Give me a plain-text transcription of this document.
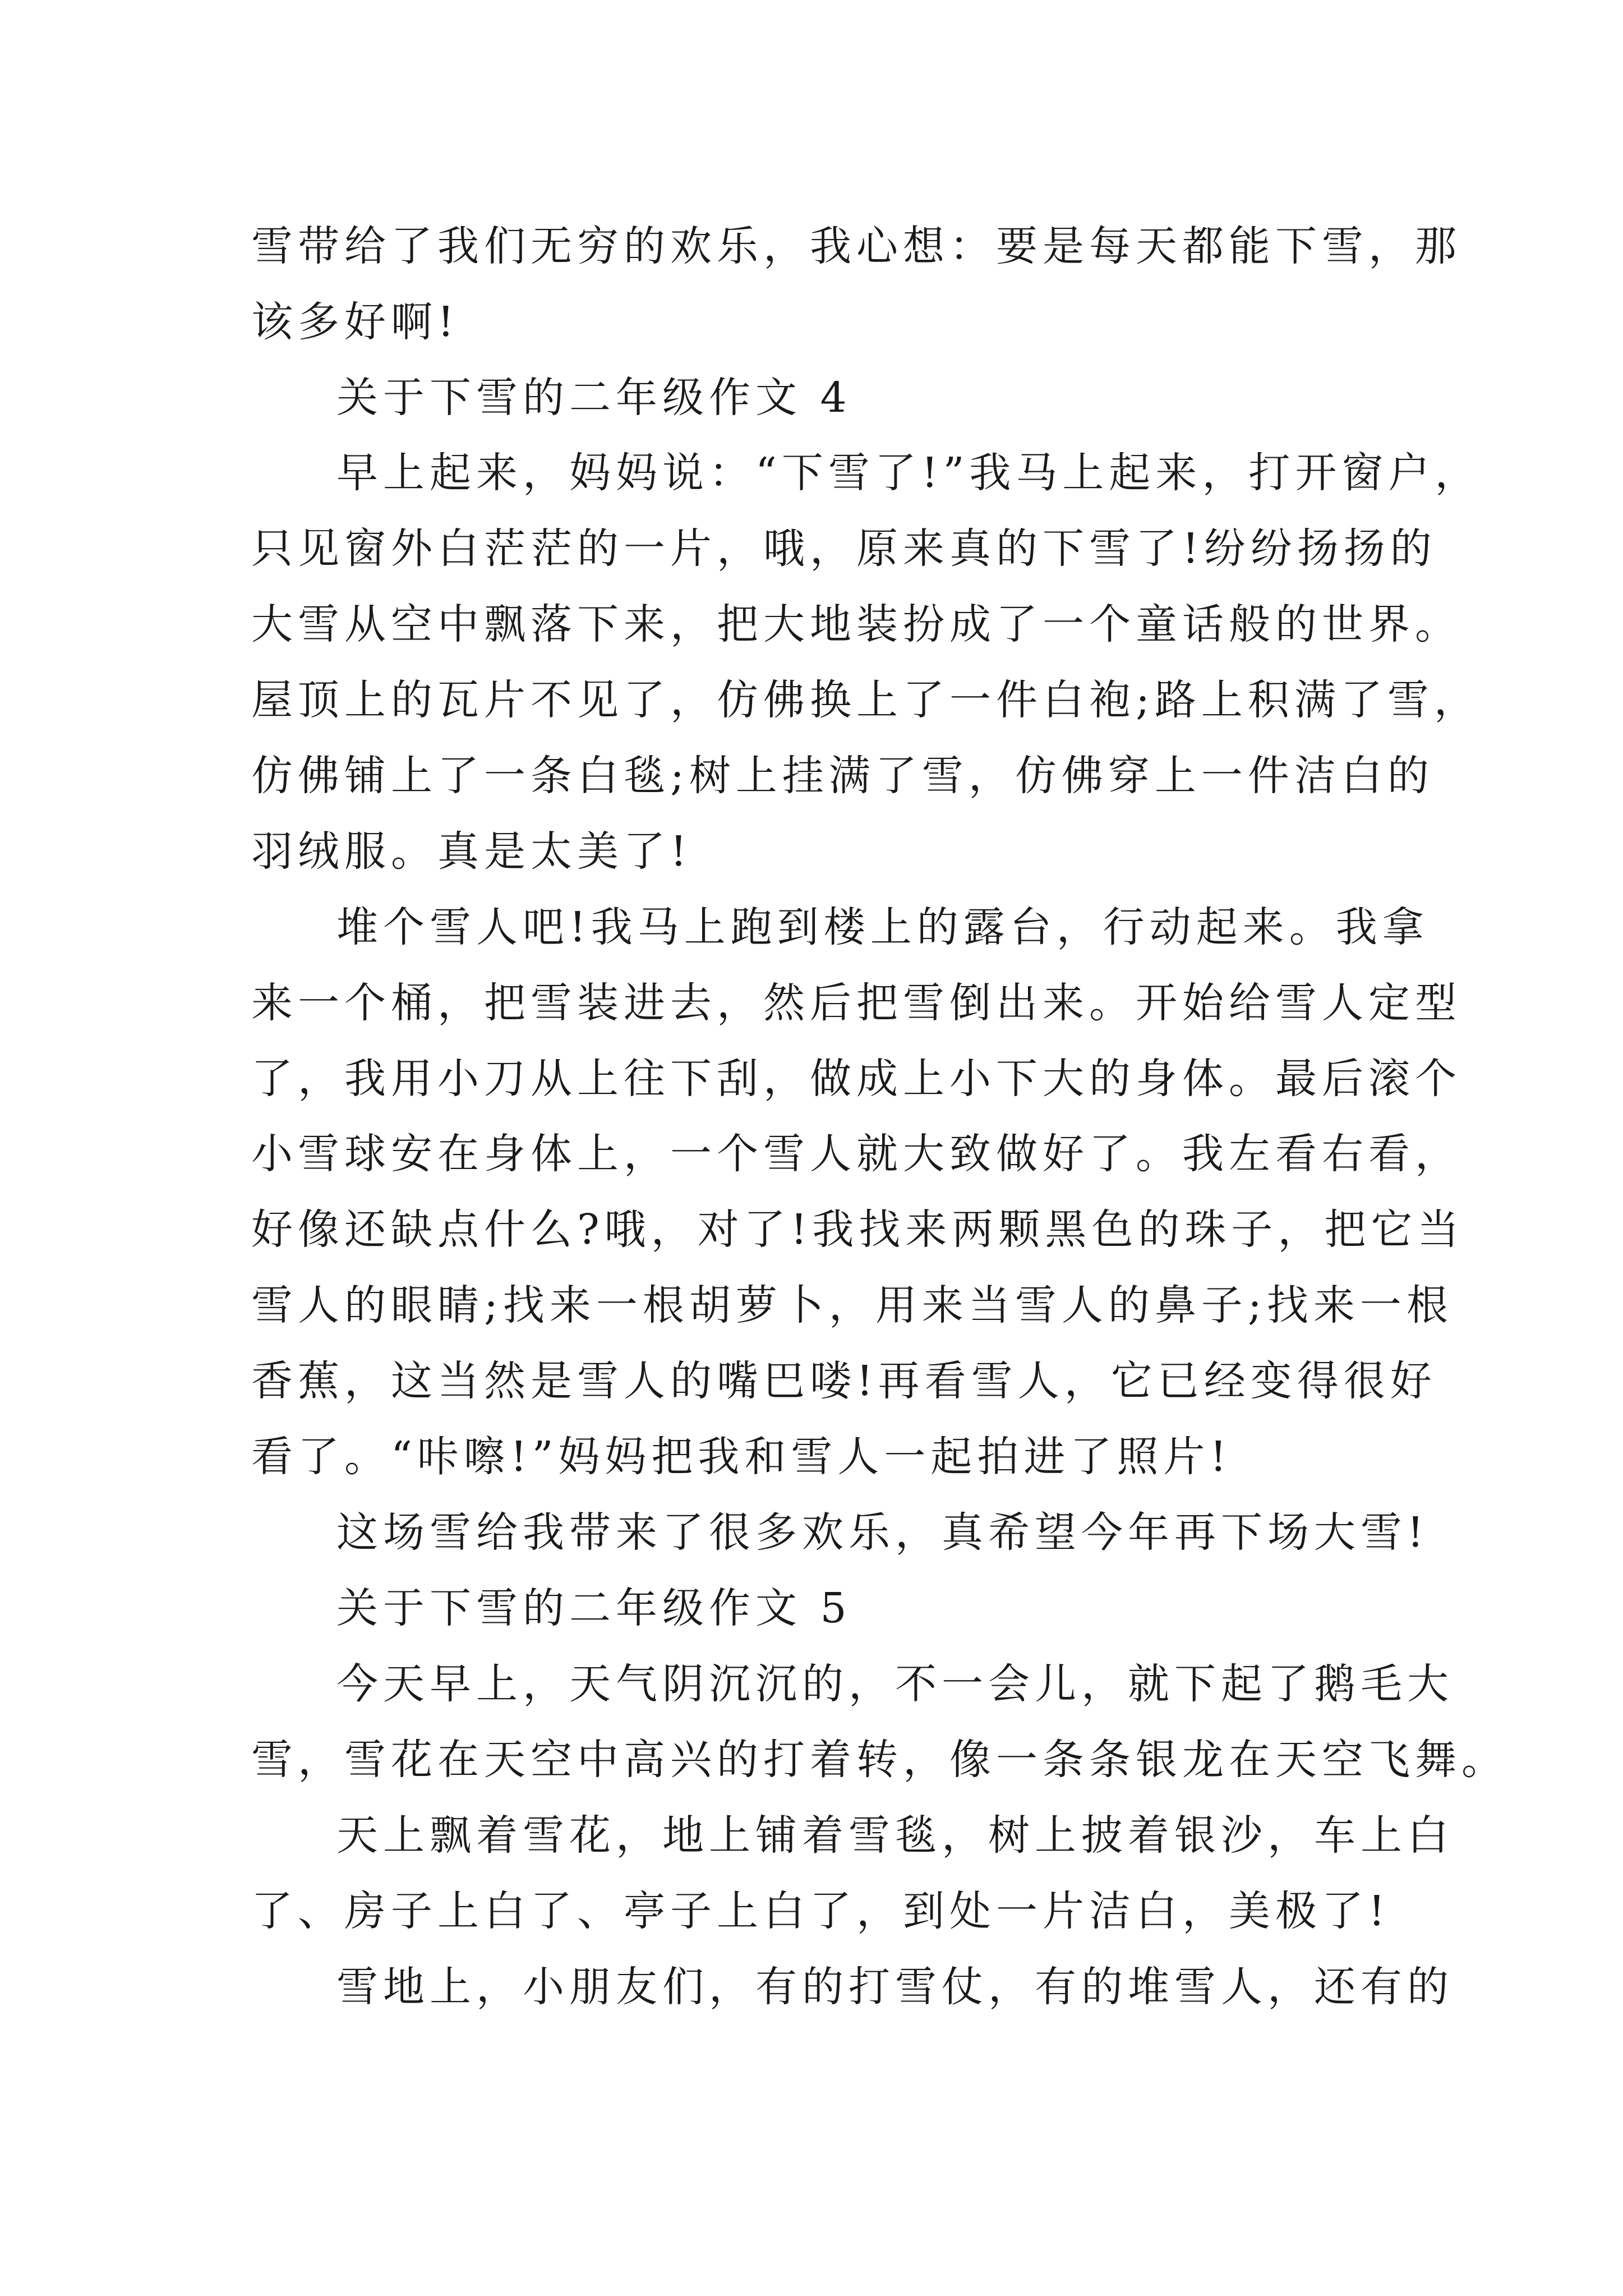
雪带给了我们无穷的欢乐，我心想：要是每天都能下雪，那
该多好啊!
关于下雪的二年级作文 4
早上起来，妈妈说：“下雪了!”我马上起来，打开窗户，
只见窗外白茫茫的一片，哦，原来真的下雪了!纷纷扬扬的
大雪从空中飘落下来，把大地装扮成了一个童话般的世界。
屋顶上的瓦片不见了，仿佛换上了一件白袍;路上积满了雪，
仿佛铺上了一条白毯;树上挂满了雪，仿佛穿上一件洁白的
羽绒服。真是太美了!
堆个雪人吧!我马上跑到楼上的露台，行动起来。我拿
来一个桶，把雪装进去，然后把雪倒出来。开始给雪人定型
了，我用小刀从上往下刮，做成上小下大的身体。最后滚个
小雪球安在身体上，一个雪人就大致做好了。我左看右看，
好像还缺点什么?哦，对了!我找来两颗黑色的珠子，把它当
雪人的眼睛;找来一根胡萝卜，用来当雪人的鼻子;找来一根
香蕉，这当然是雪人的嘴巴喽!再看雪人，它已经变得很好
看了。“咔嚓!”妈妈把我和雪人一起拍进了照片!
这场雪给我带来了很多欢乐，真希望今年再下场大雪!
关于下雪的二年级作文 5
今天早上，天气阴沉沉的，不一会儿，就下起了鹅毛大
雪，雪花在天空中高兴的打着转，像一条条银龙在天空飞舞。
天上飘着雪花，地上铺着雪毯，树上披着银沙，车上白
了、房子上白了、亭子上白了，到处一片洁白，美极了!
雪地上，小朋友们，有的打雪仗，有的堆雪人，还有的
